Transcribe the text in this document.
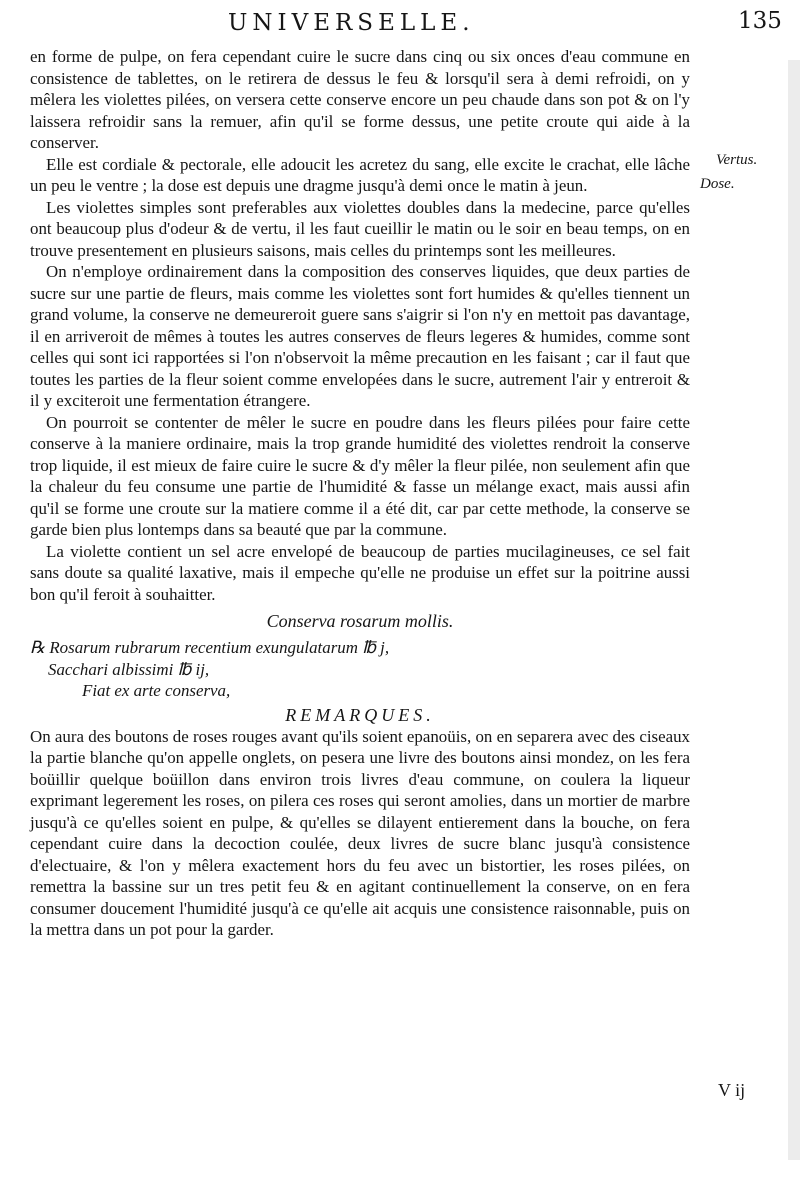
UNIVERSELLE.	135
Vertus.
Dose.

en forme de pulpe, on fera cependant cuire le sucre dans cinq ou six onces d'eau commune en consistence de tablettes, on le retirera de dessus le feu & lorsqu'il sera à demi refroidi, on y mêlera les violettes pilées, on versera cette conserve encore un peu chaude dans son pot & on l'y laissera refroidir sans la remuer, afin qu'il se forme dessus, une petite croute qui aide à la conserver.

Elle est cordiale & pectorale, elle adoucit les acretez du sang, elle excite le crachat, elle lâche un peu le ventre ; la dose est depuis une dragme jusqu'à demi once le matin à jeun.

Les violettes simples sont preferables aux violettes doubles dans la medecine, parce qu'elles ont beaucoup plus d'odeur & de vertu, il les faut cueillir le matin ou le soir en beau temps, on en trouve presentement en plusieurs saisons, mais celles du printemps sont les meilleures.

On n'employe ordinairement dans la composition des conserves liquides, que deux parties de sucre sur une partie de fleurs, mais comme les violettes sont fort humides & qu'elles tiennent un grand volume, la conserve ne demeureroit guere sans s'aigrir si l'on n'y en mettoit pas davantage, il en arriveroit de mêmes à toutes les autres conserves de fleurs legeres & humides, comme sont celles qui sont ici rapportées si l'on n'observoit la même precaution en les faisant ; car il faut que toutes les parties de la fleur soient comme envelopées dans le sucre, autrement l'air y entreroit & il y exciteroit une fermentation étrangere.

On pourroit se contenter de mêler le sucre en poudre dans les fleurs pilées pour faire cette conserve à la maniere ordinaire, mais la trop grande humidité des violettes rendroit la conserve trop liquide, il est mieux de faire cuire le sucre & d'y mêler la fleur pilée, non seulement afin que la chaleur du feu consume une partie de l'humidité & fasse un mélange exact, mais aussi afin qu'il se forme une croute sur la matiere comme il a été dit, car par cette methode, la conserve se garde bien plus lontemps dans sa beauté que par la commune.

La violette contient un sel acre envelopé de beaucoup de parties mucilagineuses, ce sel fait sans doute sa qualité laxative, mais il empeche qu'elle ne produise un effet sur la poitrine aussi bon qu'il feroit à souhaitter.

Conserva rosarum mollis.

℞ Rosarum rubrarum recentium exungulatarum ℔ j,

Sacchari albissimi ℔ ij,

Fiat ex arte conserva,

REMARQUES.

On aura des boutons de roses rouges avant qu'ils soient epanoüis, on en separera avec des ciseaux la partie blanche qu'on appelle onglets, on pesera une livre des boutons ainsi mondez, on les fera boüillir quelque boüillon dans environ trois livres d'eau commune, on coulera la liqueur exprimant legerement les roses, on pilera ces roses qui seront amolies, dans un mortier de marbre jusqu'à ce qu'elles soient en pulpe, & qu'elles se dilayent entierement dans la bouche, on fera cependant cuire dans la decoction coulée, deux livres de sucre blanc jusqu'à consistence d'electuaire, & l'on y mêlera exactement hors du feu avec un bistortier, les roses pilées, on remettra la bassine sur un tres petit feu & en agitant continuellement la conserve, on en fera consumer doucement l'humidité jusqu'à ce qu'elle ait acquis une consistence raisonnable, puis on la mettra dans un pot pour la garder.

V ij
